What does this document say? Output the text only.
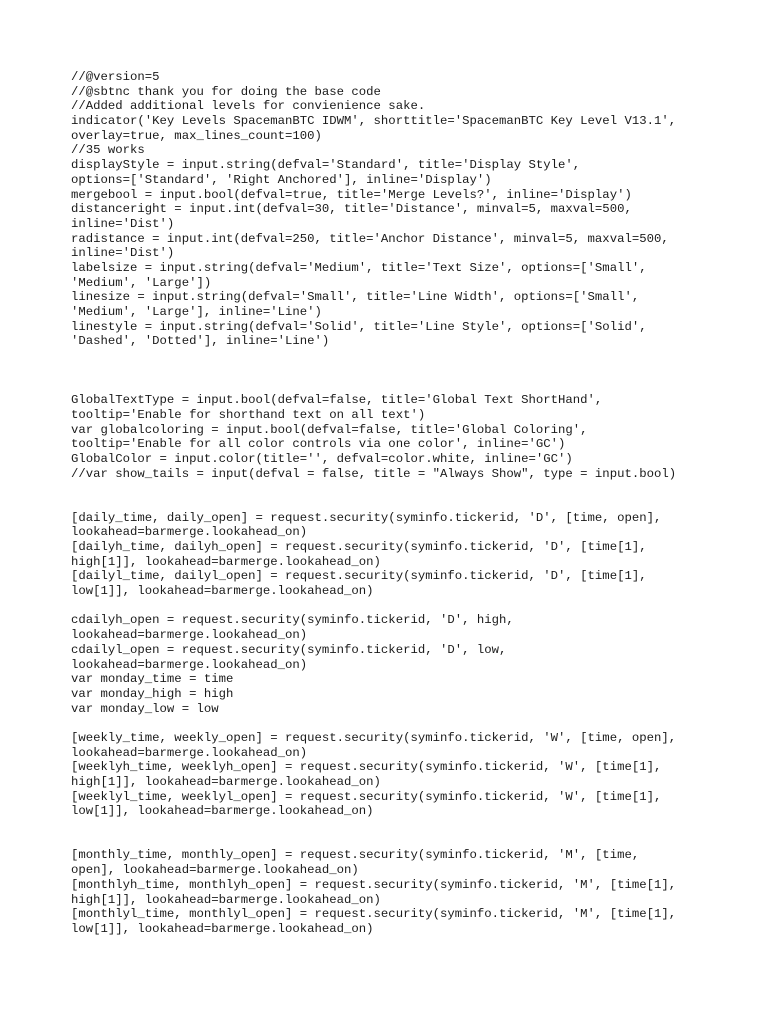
//@version=5
//@sbtnc thank you for doing the base code
//Added additional levels for convienience sake.
indicator('Key Levels SpacemanBTC IDWM', shorttitle='SpacemanBTC Key Level V13.1',
overlay=true, max_lines_count=100)
//35 works
displayStyle = input.string(defval='Standard', title='Display Style',
options=['Standard', 'Right Anchored'], inline='Display')
mergebool = input.bool(defval=true, title='Merge Levels?', inline='Display')
distanceright = input.int(defval=30, title='Distance', minval=5, maxval=500,
inline='Dist')
radistance = input.int(defval=250, title='Anchor Distance', minval=5, maxval=500,
inline='Dist')
labelsize = input.string(defval='Medium', title='Text Size', options=['Small',
'Medium', 'Large'])
linesize = input.string(defval='Small', title='Line Width', options=['Small',
'Medium', 'Large'], inline='Line')
linestyle = input.string(defval='Solid', title='Line Style', options=['Solid',
'Dashed', 'Dotted'], inline='Line')
GlobalTextType = input.bool(defval=false, title='Global Text ShortHand',
tooltip='Enable for shorthand text on all text')
var globalcoloring = input.bool(defval=false, title='Global Coloring',
tooltip='Enable for all color controls via one color', inline='GC')
GlobalColor = input.color(title='', defval=color.white, inline='GC')
//var show_tails = input(defval = false, title = "Always Show", type = input.bool)
[daily_time, daily_open] = request.security(syminfo.tickerid, 'D', [time, open],
lookahead=barmerge.lookahead_on)
[dailyh_time, dailyh_open] = request.security(syminfo.tickerid, 'D', [time[1],
high[1]], lookahead=barmerge.lookahead_on)
[dailyl_time, dailyl_open] = request.security(syminfo.tickerid, 'D', [time[1],
low[1]], lookahead=barmerge.lookahead_on)
cdailyh_open = request.security(syminfo.tickerid, 'D', high,
lookahead=barmerge.lookahead_on)
cdailyl_open = request.security(syminfo.tickerid, 'D', low,
lookahead=barmerge.lookahead_on)
var monday_time = time
var monday_high = high
var monday_low = low
[weekly_time, weekly_open] = request.security(syminfo.tickerid, 'W', [time, open],
lookahead=barmerge.lookahead_on)
[weeklyh_time, weeklyh_open] = request.security(syminfo.tickerid, 'W', [time[1],
high[1]], lookahead=barmerge.lookahead_on)
[weeklyl_time, weeklyl_open] = request.security(syminfo.tickerid, 'W', [time[1],
low[1]], lookahead=barmerge.lookahead_on)
[monthly_time, monthly_open] = request.security(syminfo.tickerid, 'M', [time,
open], lookahead=barmerge.lookahead_on)
[monthlyh_time, monthlyh_open] = request.security(syminfo.tickerid, 'M', [time[1],
high[1]], lookahead=barmerge.lookahead_on)
[monthlyl_time, monthlyl_open] = request.security(syminfo.tickerid, 'M', [time[1],
low[1]], lookahead=barmerge.lookahead_on)
